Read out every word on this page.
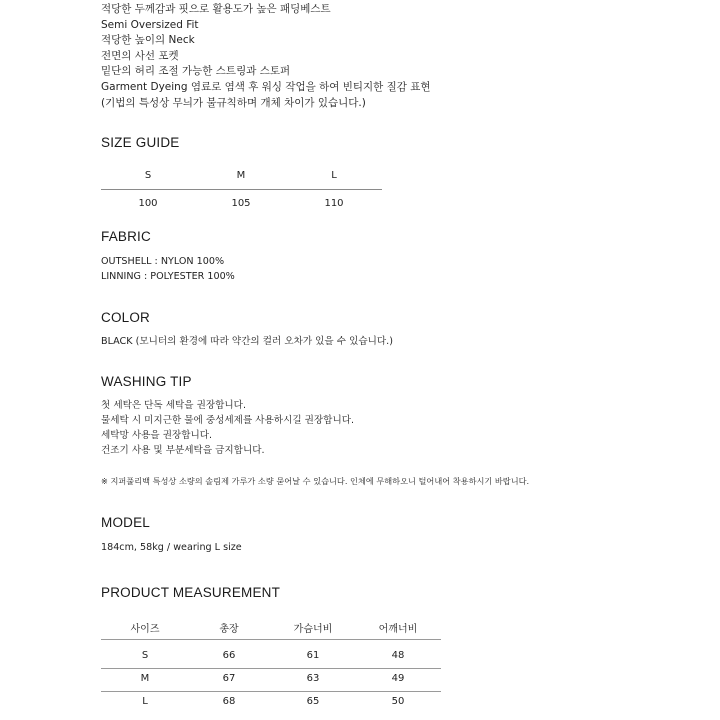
적당한 두께감과 핏으로 활용도가 높은 패딩베스트
Semi Oversized Fit
적당한 높이의 Neck
전면의 사선 포켓
밑단의 허리 조절 가능한 스트링과 스토퍼
Garment Dyeing 염료로 염색 후 워싱 작업을 하여 빈티지한 질감 표현
(기법의 특성상 무늬가 불규칙하며 개체 차이가 있습니다.)
SIZE GUIDE
S	M	L
100	105	110
FABRIC
OUTSHELL : NYLON 100%
LINNING : POLYESTER 100%
COLOR
BLACK (모니터의 환경에 따라 약간의 컬러 오차가 있을 수 있습니다.)
WASHING TIP
첫 세탁은 단독 세탁을 권장합니다.
물세탁 시 미지근한 물에 중성세제를 사용하시길 권장합니다.
세탁망 사용을 권장합니다.
건조기 사용 및 부분세탁을 금지합니다.
※ 지퍼풀리백 특성상 소량의 솔림제 가루가 소량 묻어날 수 있습니다. 인체에 무해하오니 털어내어 착용하시기 바랍니다.
MODEL
184cm, 58kg / wearing L size
PRODUCT MEASUREMENT
사이즈	총장	가슴너비	어깨너비
S	66	61	48
M	67	63	49
L	68	65	50
